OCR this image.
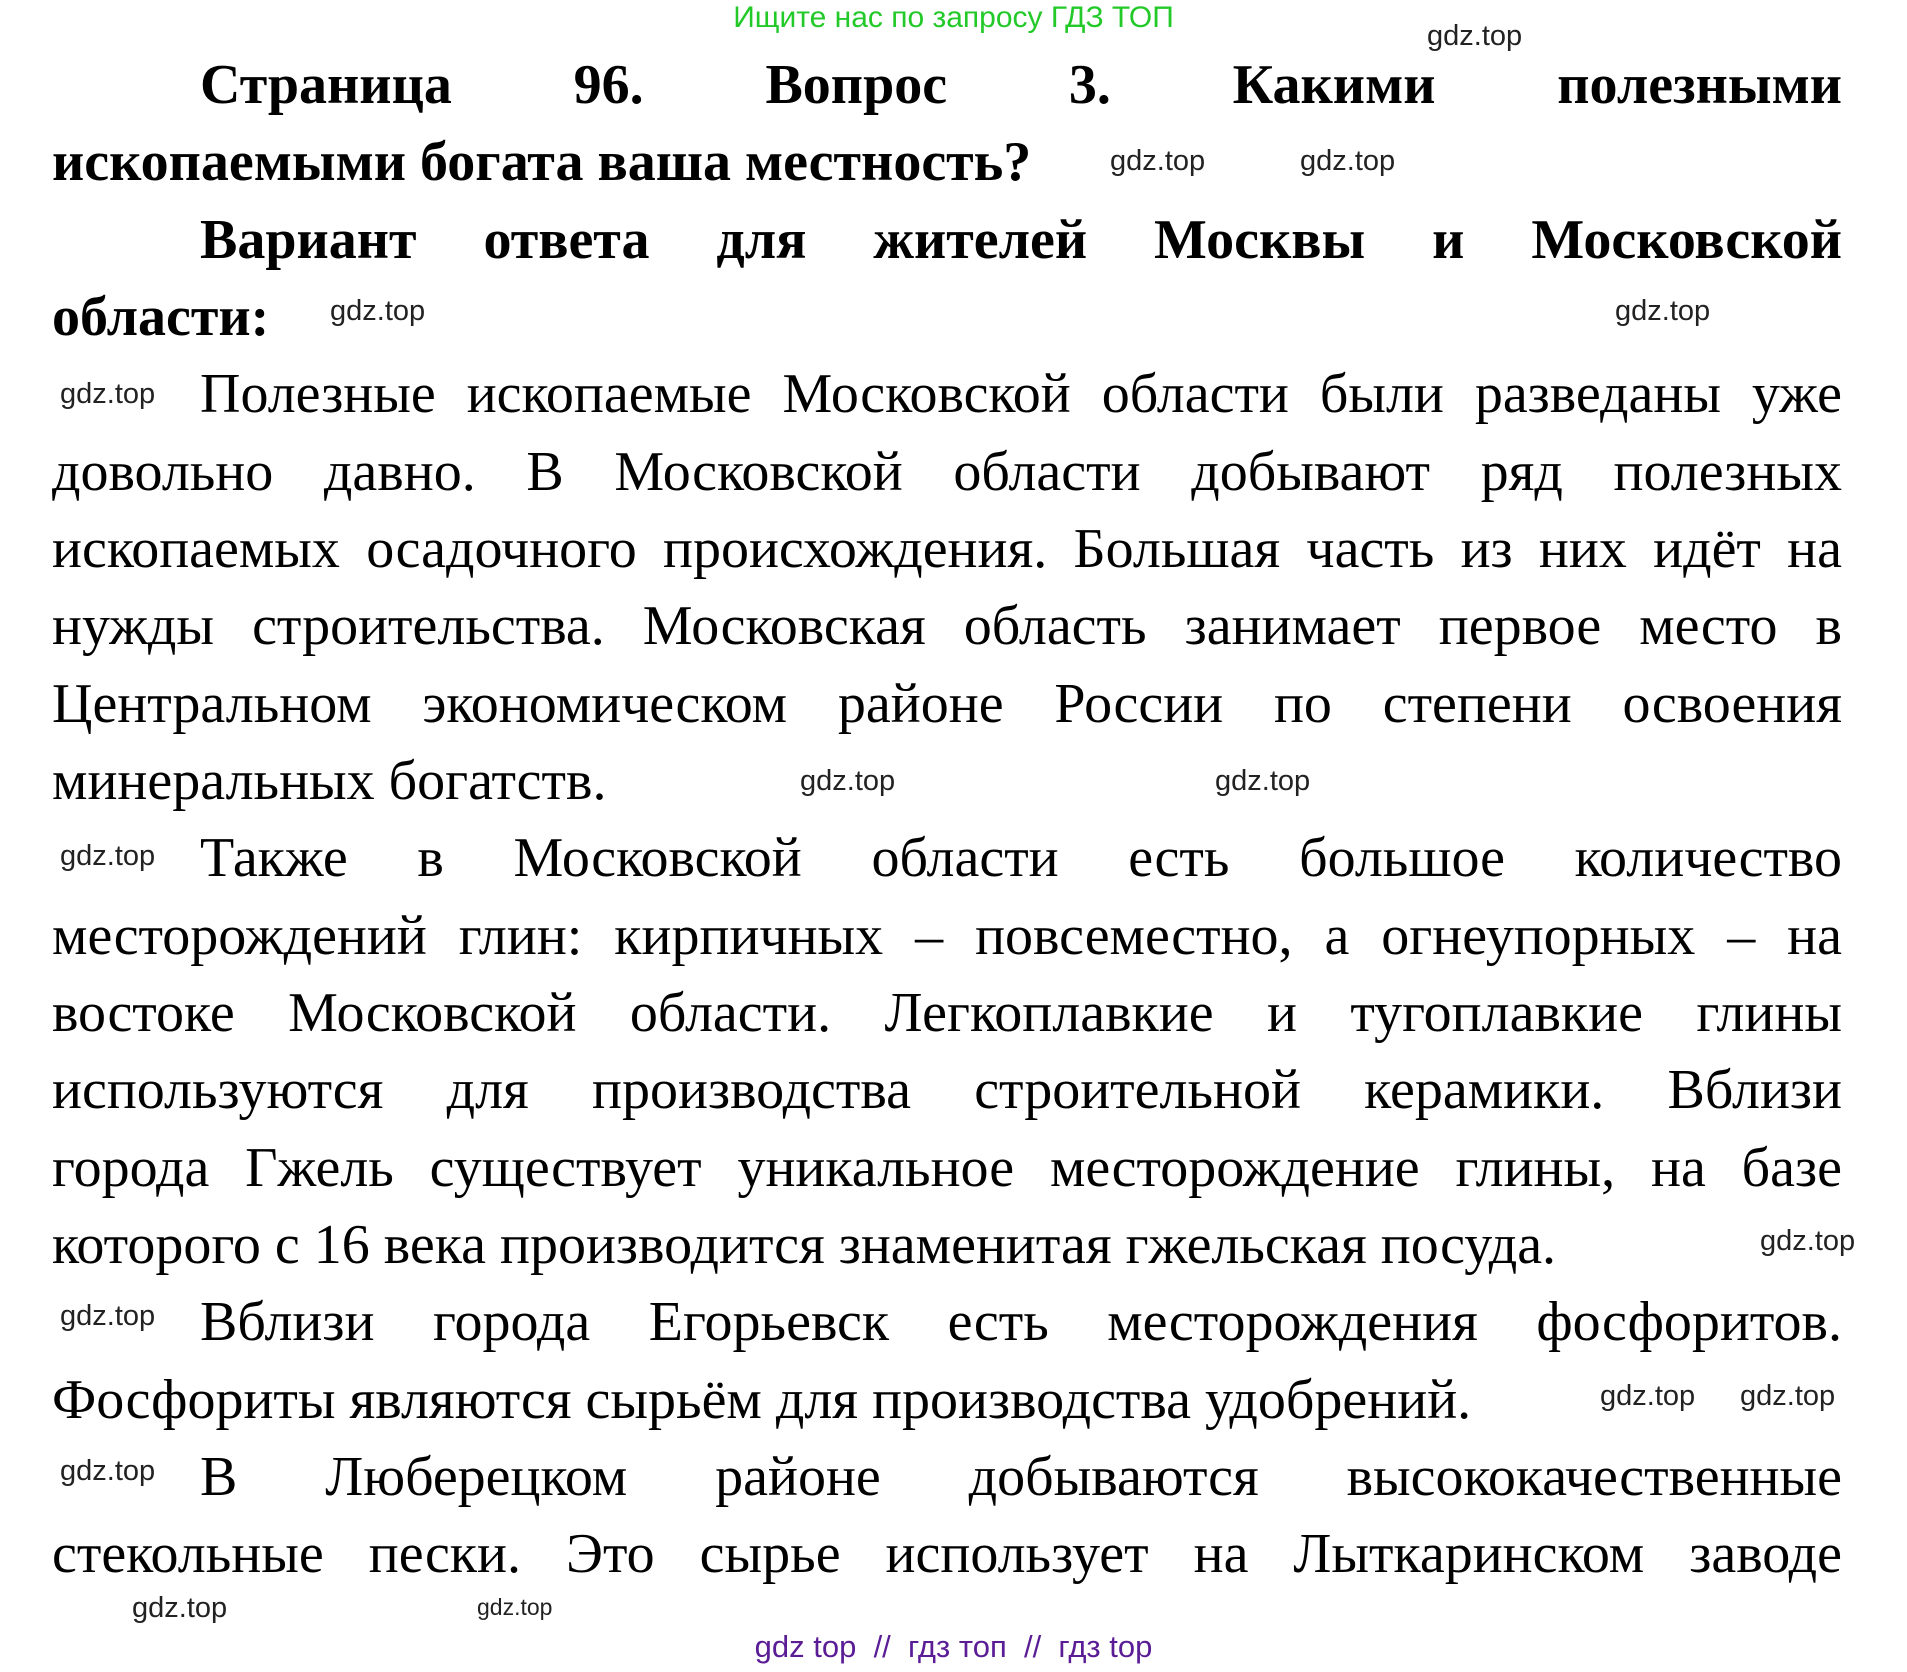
Ищите нас по запросу ГДЗ ТОП
Страница 96. Вопрос 3. Какими полезными
ископаемыми богата ваша местность?
Вариант ответа для жителей Москвы и Московской
области:
Полезные ископаемые Московской области были разведаны уже
довольно давно. В Московской области добывают ряд полезных
ископаемых осадочного происхождения. Большая часть из них идёт на
нужды строительства. Московская область занимает первое место в
Центральном экономическом районе России по степени освоения
минеральных богатств.
Также в Московской области есть большое количество
месторождений глин: кирпичных – повсеместно, а огнеупорных – на
востоке Московской области. Легкоплавкие и тугоплавкие глины
используются для производства строительной керамики. Вблизи
города Гжель существует уникальное месторождение глины, на базе
которого с 16 века производится знаменитая гжельская посуда.
Вблизи города Егорьевск есть месторождения фосфоритов.
Фосфориты являются сырьём для производства удобрений.
В Люберецком районе добываются высококачественные
стекольные пески. Это сырье использует на Лыткаринском заводе
gdz.top
gdz.top	gdz.top
gdz.top	gdz.top
gdz.top
gdz.top	gdz.top
gdz.top
gdz.top
gdz.top
gdz.top gdz.top
gdz.top
gdz.top
gdz.top
gdz top  //  гдз топ  //  гдз top
